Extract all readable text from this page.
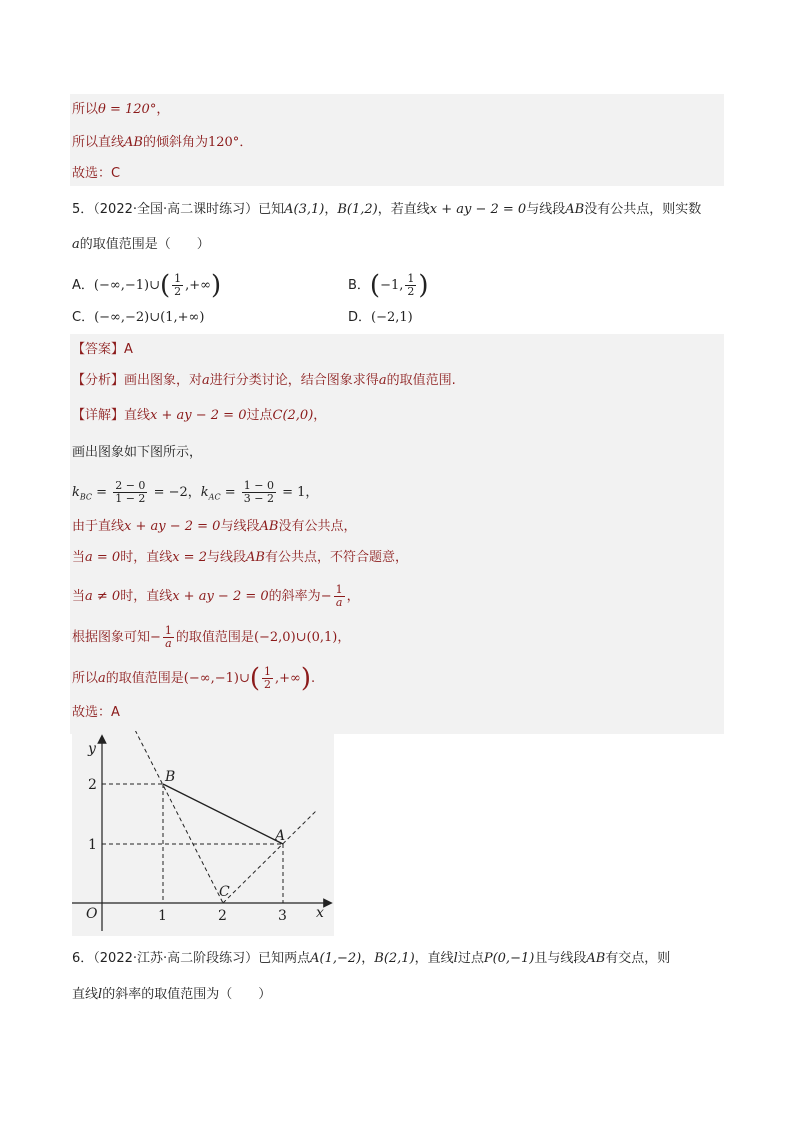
所以θ = 120°，
所以直线AB的倾斜角为120°．
故选：C
5．（2022·全国·高二课时练习）已知A(3,1)，B(1,2)，若直线x + ay − 2 = 0与线段AB没有公共点，则实数
a的取值范围是（　　）
A．(−∞,−1)∪( $\frac{1}{2}$ ,+∞)	B．(−1, $\frac{1}{2}$ )
C．(−∞,−2)∪(1,+∞)	D．(−2,1)
【答案】A
【分析】画出图象，对a进行分类讨论，结合图象求得a的取值范围.
【详解】直线x + ay − 2 = 0过点C(2,0)，
画出图象如下图所示，
$k_{BC} = \frac{2 - 0}{1 - 2} = -2$，$k_{AC} = \frac{1 - 0}{3 - 2} = 1$，
由于直线x + ay − 2 = 0与线段AB没有公共点，
当a = 0时，直线x = 2与线段AB有公共点，不符合题意，
当a ≠ 0时，直线x + ay − 2 = 0的斜率为− $\frac{1}{a}$ ，
根据图象可知− $\frac{1}{a}$ 的取值范围是(−2,0)∪(0,1)，
所以a的取值范围是(−∞,−1)∪( $\frac{1}{2}$ ,+∞).
故选：A
y
x
O	1	2	3
1
2	B
A
C
6．（2022·江苏·高二阶段练习）已知两点A(1,−2)，B(2,1)，直线l过点P(0,−1)且与线段AB有交点，则
直线l的斜率的取值范围为（　　）
